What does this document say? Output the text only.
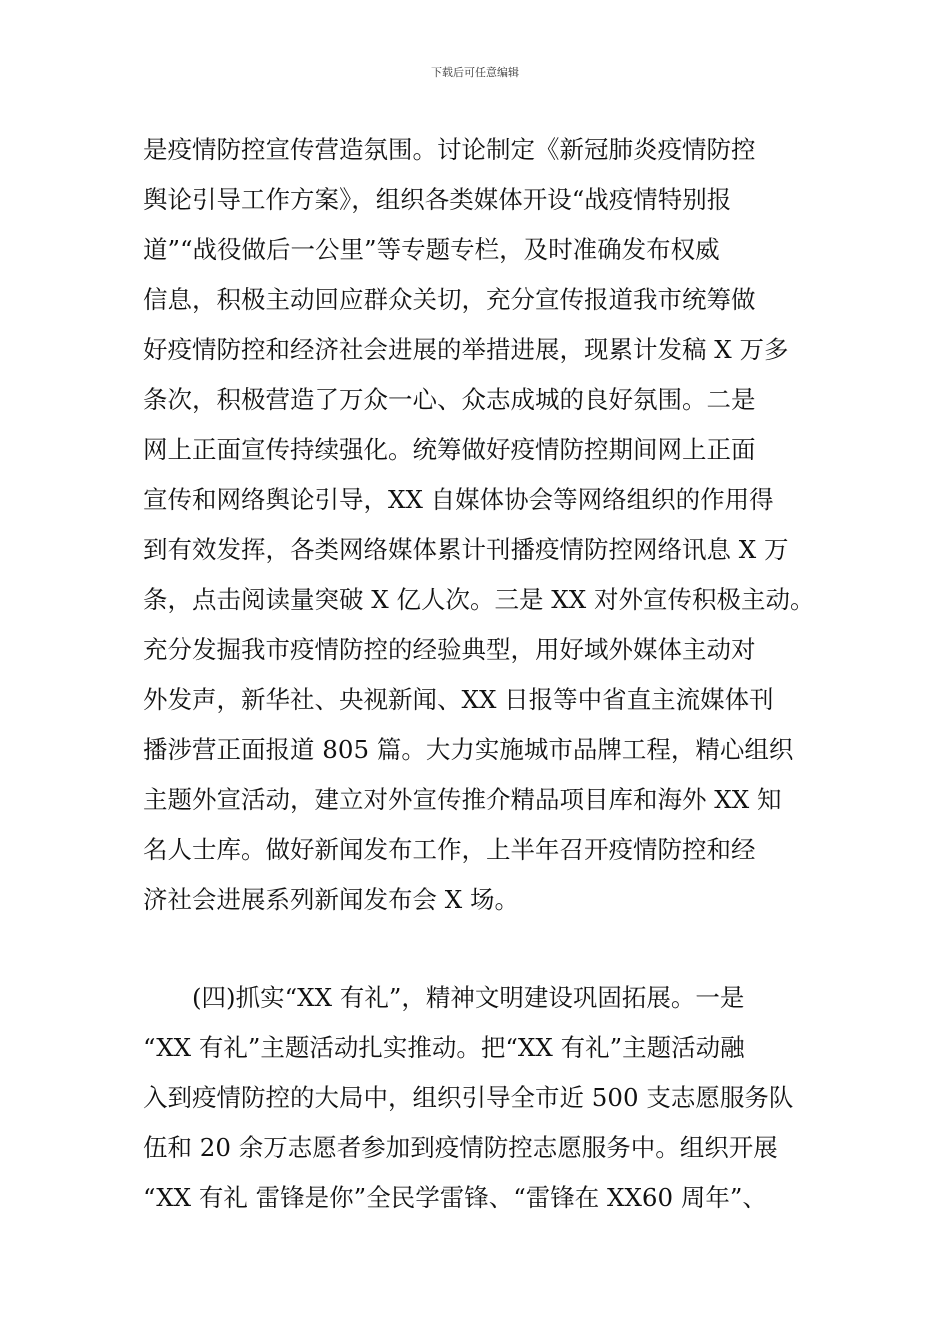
下载后可任意编辑
是疫情防控宣传营造氛围。讨论制定《新冠肺炎疫情防控
舆论引导工作方案》，组织各类媒体开设“战疫情特别报
道”“战役做后一公里”等专题专栏，及时准确发布权威
信息，积极主动回应群众关切，充分宣传报道我市统筹做
好疫情防控和经济社会进展的举措进展，现累计发稿 X 万多
条次，积极营造了万众一心、众志成城的良好氛围。二是
网上正面宣传持续强化。统筹做好疫情防控期间网上正面
宣传和网络舆论引导，XX 自媒体协会等网络组织的作用得
到有效发挥，各类网络媒体累计刊播疫情防控网络讯息 X 万
条，点击阅读量突破 X 亿人次。三是 XX 对外宣传积极主动。
充分发掘我市疫情防控的经验典型，用好域外媒体主动对
外发声，新华社、央视新闻、XX 日报等中省直主流媒体刊
播涉营正面报道 805 篇。大力实施城市品牌工程，精心组织
主题外宣活动，建立对外宣传推介精品项目库和海外 XX 知
名人士库。做好新闻发布工作，上半年召开疫情防控和经
济社会进展系列新闻发布会 X 场。
　　(四)抓实“XX 有礼”，精神文明建设巩固拓展。一是
“XX 有礼”主题活动扎实推动。把“XX 有礼”主题活动融
入到疫情防控的大局中，组织引导全市近 500 支志愿服务队
伍和 20 余万志愿者参加到疫情防控志愿服务中。组织开展
“XX 有礼 雷锋是你”全民学雷锋、“雷锋在 XX60 周年”、
